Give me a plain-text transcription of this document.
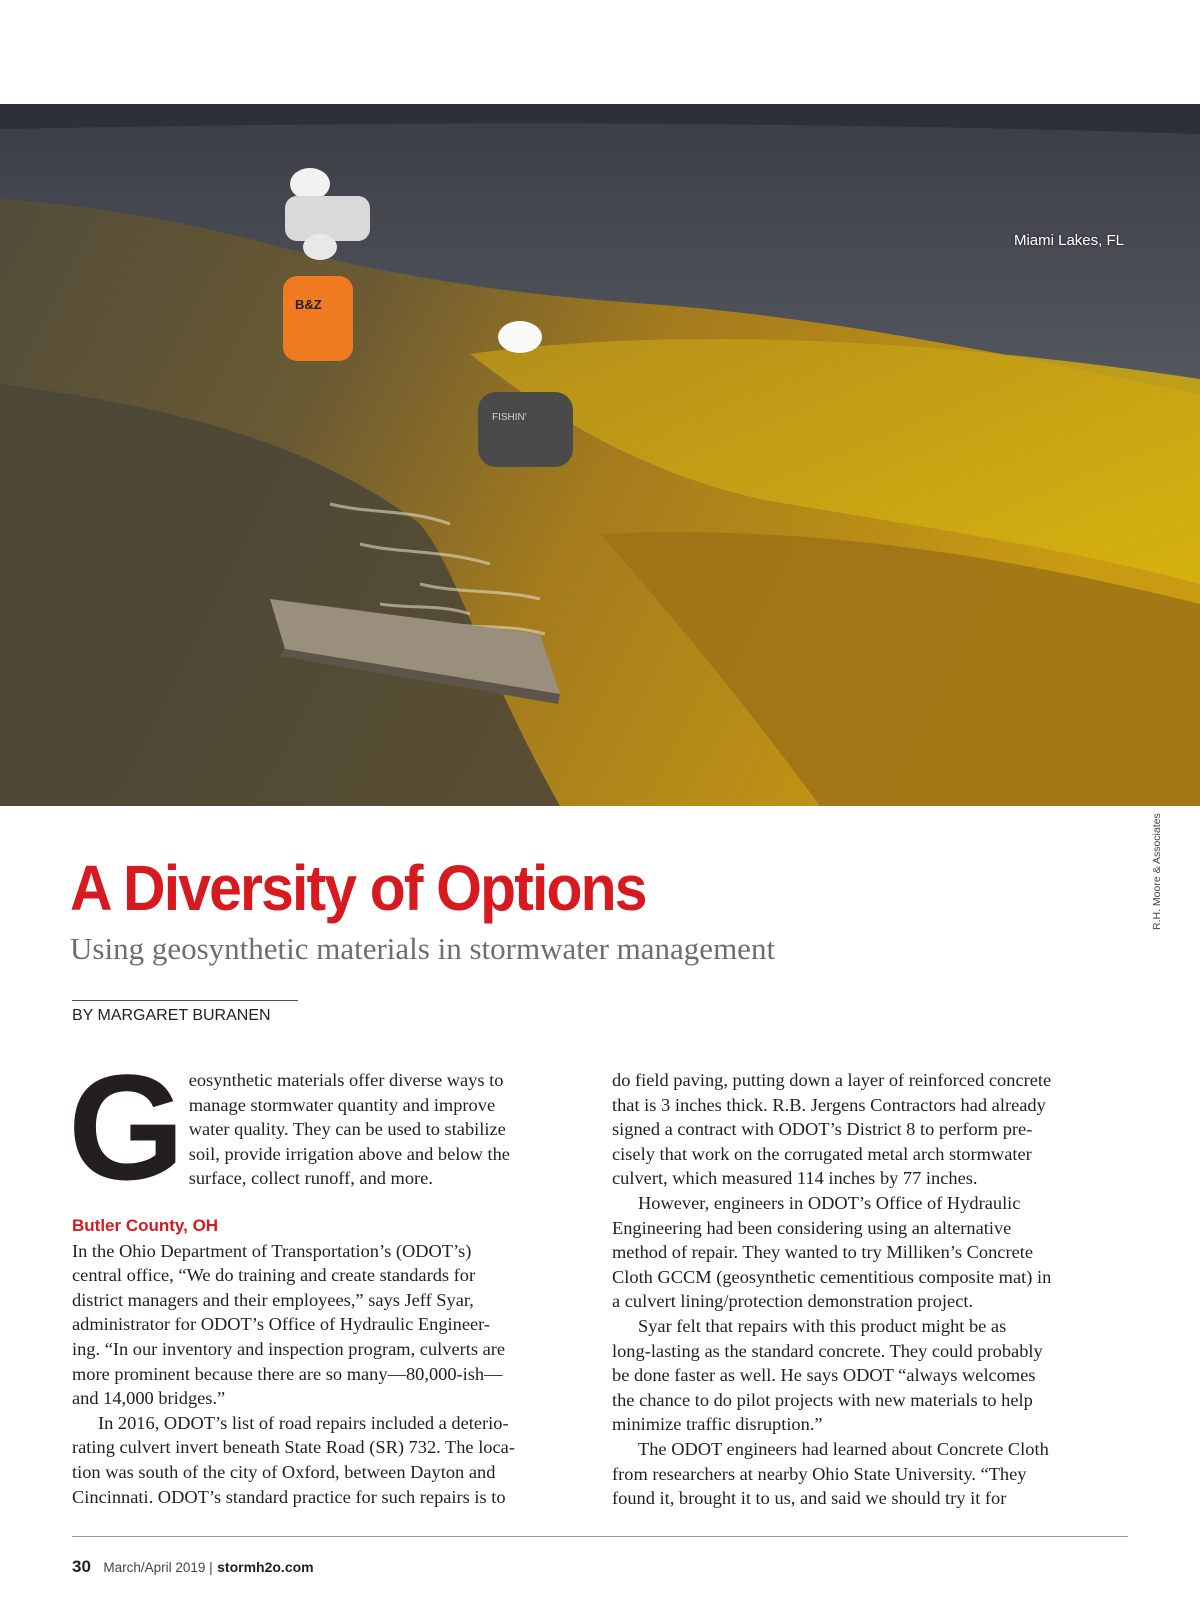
B&Z
FISHIN'
Miami Lakes, FL
R.H. Moore & Associates
A Diversity of Options
Using geosynthetic materials in stormwater management
BY MARGARET BURANEN
G eosynthetic materials offer diverse ways to
manage stormwater quantity and improve
water quality. They can be used to stabilize
soil, provide irrigation above and below the
surface, collect runoff, and more.
Butler County, OH

In the Ohio Department of Transportation’s (ODOT’s)
central office, “We do training and create standards for
district managers and their employees,” says Jeff Syar,
administrator for ODOT’s Office of Hydraulic Engineer-
ing. “In our inventory and inspection program, culverts are
more prominent because there are so many—80,000-ish—
and 14,000 bridges.”

In 2016, ODOT’s list of road repairs included a deterio-
rating culvert invert beneath State Road (SR) 732. The loca-
tion was south of the city of Oxford, between Dayton and
Cincinnati. ODOT’s standard practice for such repairs is to

do field paving, putting down a layer of reinforced concrete
that is 3 inches thick. R.B. Jergens Contractors had already
signed a contract with ODOT’s District 8 to perform pre-
cisely that work on the corrugated metal arch stormwater
culvert, which measured 114 inches by 77 inches.

However, engineers in ODOT’s Office of Hydraulic
Engineering had been considering using an alternative
method of repair. They wanted to try Milliken’s Concrete
Cloth GCCM (geosynthetic cementitious composite mat) in
a culvert lining/protection demonstration project.

Syar felt that repairs with this product might be as
long-lasting as the standard concrete. They could probably
be done faster as well. He says ODOT “always welcomes
the chance to do pilot projects with new materials to help
minimize traffic disruption.”

The ODOT engineers had learned about Concrete Cloth
from researchers at nearby Ohio State University. “They
found it, brought it to us, and said we should try it for

30 March/April 2019 | stormh2o.com
